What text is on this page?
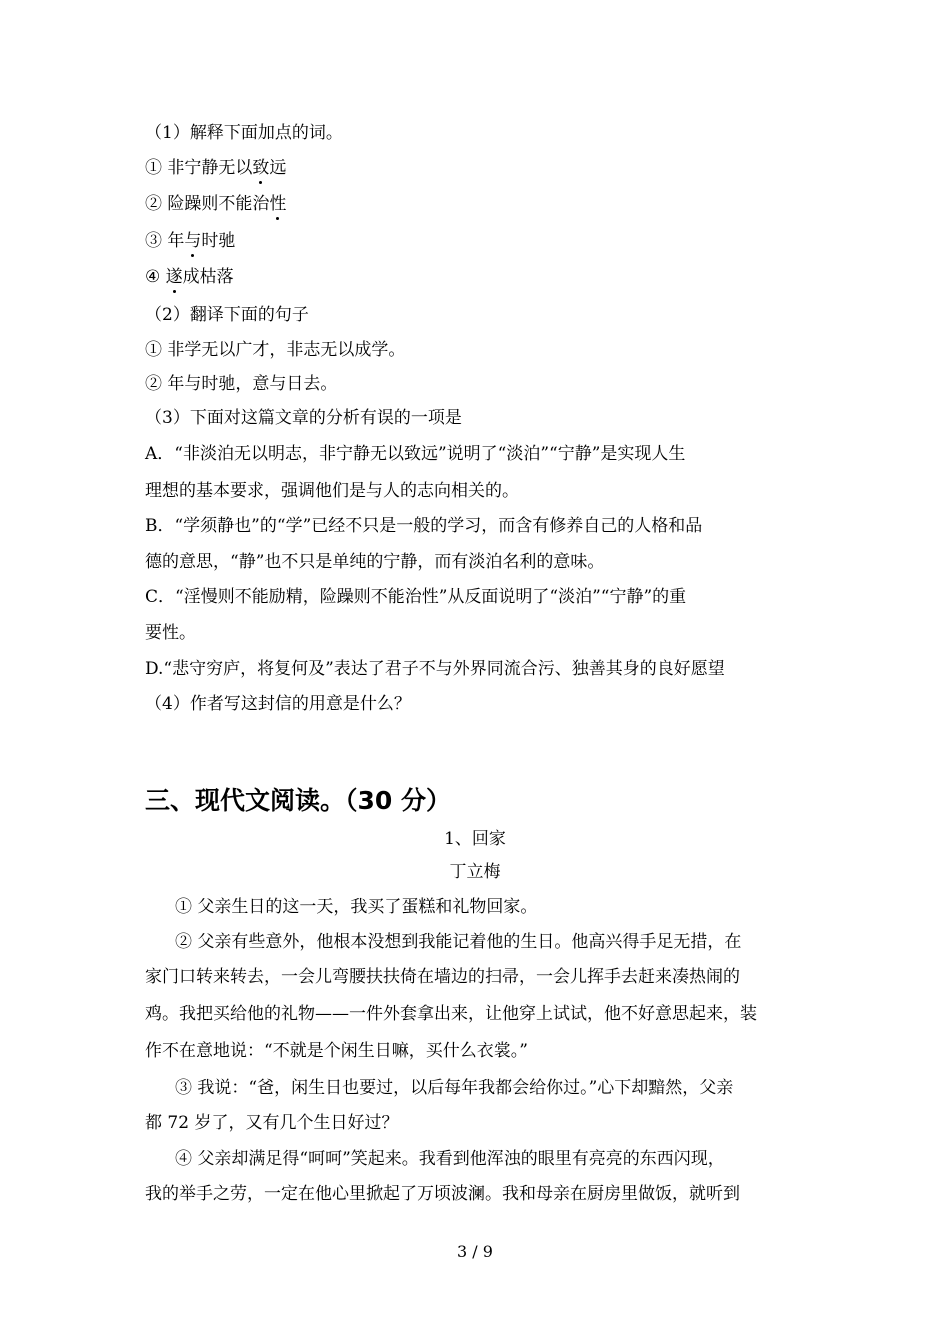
（1）解释下面加点的词。
① 非宁静无以致远
② 险躁则不能治性
③ 年与时驰
④ 遂成枯落
（2）翻译下面的句子
① 非学无以广才，非志无以成学。
② 年与时驰，意与日去。
（3）下面对这篇文章的分析有误的一项是
A．“非淡泊无以明志，非宁静无以致远”说明了“淡泊”“宁静”是实现人生
理想的基本要求，强调他们是与人的志向相关的。
B．“学须静也”的“学”已经不只是一般的学习，而含有修养自己的人格和品
德的意思，“静”也不只是单纯的宁静，而有淡泊名利的意味。
C．“淫慢则不能励精，险躁则不能治性”从反面说明了“淡泊”“宁静”的重
要性。
D.“悲守穷庐，将复何及”表达了君子不与外界同流合污、独善其身的良好愿望
（4）作者写这封信的用意是什么？
三、现代文阅读。（30 分）
1、回家
丁立梅
① 父亲生日的这一天，我买了蛋糕和礼物回家。
② 父亲有些意外，他根本没想到我能记着他的生日。他高兴得手足无措，在
家门口转来转去，一会儿弯腰扶扶倚在墙边的扫帚，一会儿挥手去赶来凑热闹的
鸡。我把买给他的礼物——一件外套拿出来，让他穿上试试，他不好意思起来，装
作不在意地说：“不就是个闲生日嘛，买什么衣裳。”
③ 我说：“爸，闲生日也要过，以后每年我都会给你过。”心下却黯然，父亲
都 72 岁了，又有几个生日好过？
④ 父亲却满足得“呵呵”笑起来。我看到他浑浊的眼里有亮亮的东西闪现，
我的举手之劳，一定在他心里掀起了万顷波澜。我和母亲在厨房里做饭，就听到
3 / 9
